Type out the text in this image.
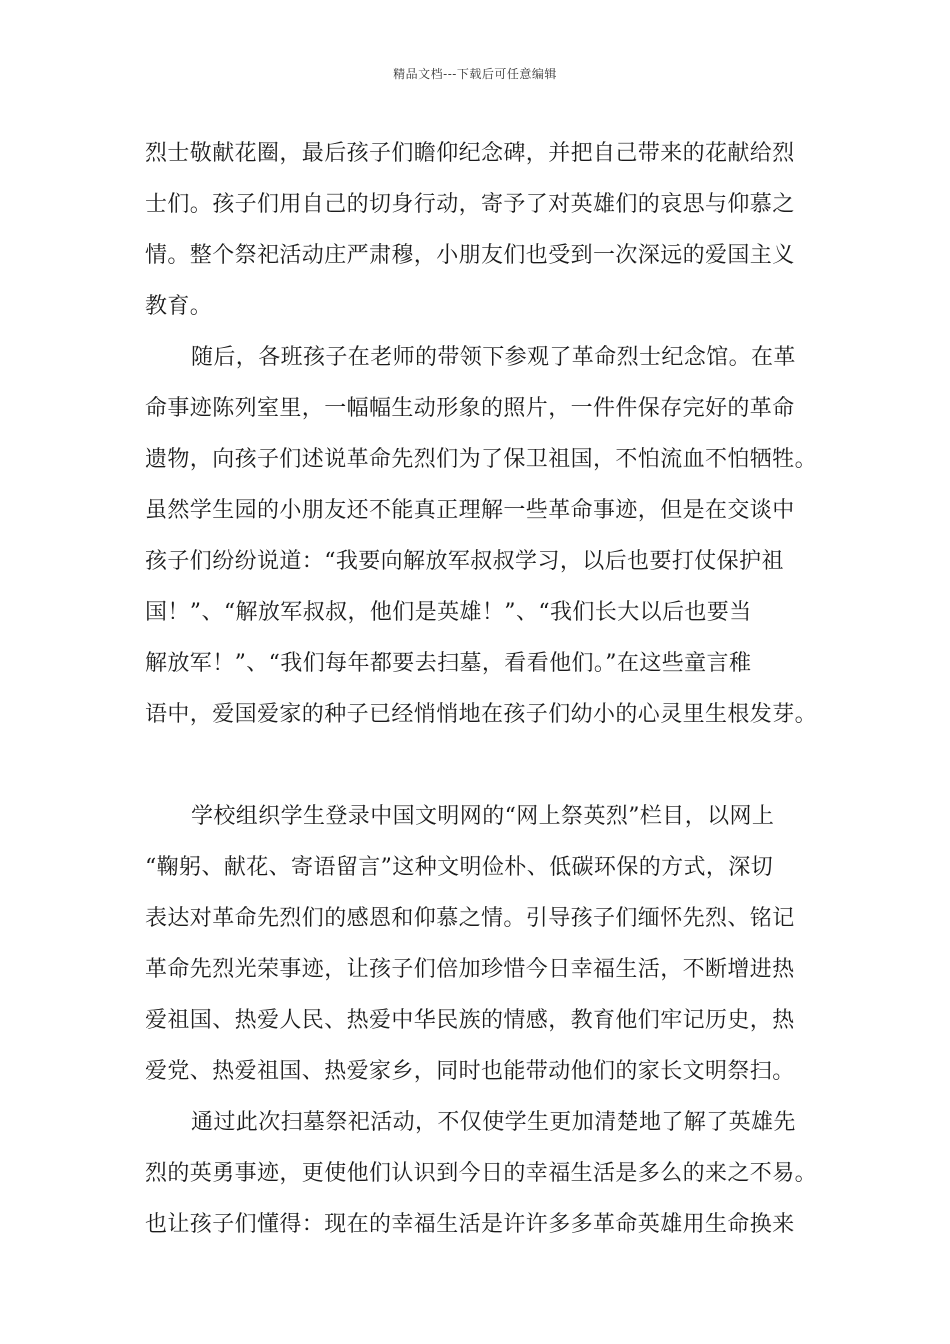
精品文档---下载后可任意编辑
烈士敬献花圈，最后孩子们瞻仰纪念碑，并把自己带来的花献给烈
士们。孩子们用自己的切身行动，寄予了对英雄们的哀思与仰慕之
情。整个祭祀活动庄严肃穆，小朋友们也受到一次深远的爱国主义
教育。
随后，各班孩子在老师的带领下参观了革命烈士纪念馆。在革
命事迹陈列室里，一幅幅生动形象的照片，一件件保存完好的革命
遗物，向孩子们述说革命先烈们为了保卫祖国，不怕流血不怕牺牲。
虽然学生园的小朋友还不能真正理解一些革命事迹，但是在交谈中
孩子们纷纷说道：“我要向解放军叔叔学习，以后也要打仗保护祖
国！”、“解放军叔叔，他们是英雄！”、“我们长大以后也要当
解放军！”、“我们每年都要去扫墓，看看他们。”在这些童言稚
语中，爱国爱家的种子已经悄悄地在孩子们幼小的心灵里生根发芽。
学校组织学生登录中国文明网的“网上祭英烈”栏目，以网上
“鞠躬、献花、寄语留言”这种文明俭朴、低碳环保的方式，深切
表达对革命先烈们的感恩和仰慕之情。引导孩子们缅怀先烈、铭记
革命先烈光荣事迹，让孩子们倍加珍惜今日幸福生活，不断增进热
爱祖国、热爱人民、热爱中华民族的情感，教育他们牢记历史，热
爱党、热爱祖国、热爱家乡，同时也能带动他们的家长文明祭扫。
通过此次扫墓祭祀活动，不仅使学生更加清楚地了解了英雄先
烈的英勇事迹，更使他们认识到今日的幸福生活是多么的来之不易。
也让孩子们懂得：现在的幸福生活是许许多多革命英雄用生命换来
